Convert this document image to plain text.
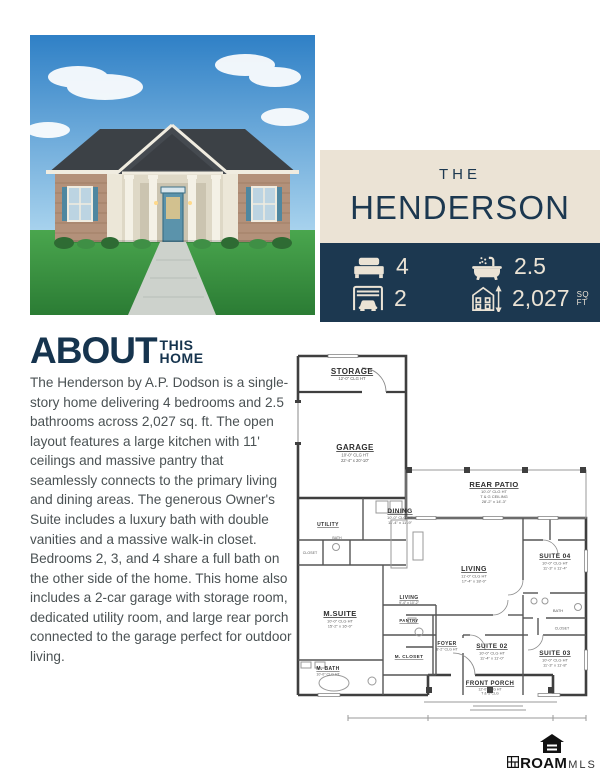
THE
HENDERSON
4	2.5
2	2,027 SQ
FT
ABOUT THIS
HOME
The Henderson by A.P. Dodson is a single-story home delivering 4 bedrooms and 2.5 bathrooms across 2,027 sq. ft. The open layout features a large kitchen with 11' ceilings and massive pantry that seamlessly connects to the primary living and dining areas. The generous Owner's Suite includes a luxury bath with double vanities and a massive walk-in closet. Bedrooms 2, 3, and 4 share a full bath on the other side of the home. This home also includes a 2-car garage with storage room, dedicated utility room, and large rear porch connected to the garage perfect for outdoor living.
STORAGE
12'-0" CLG HT
GARAGE
10'-0" CLG HT
22'-4" x 20'-10"
REAR PATIO
10'-0" CLG HT
T & G CEILING
28'-2" x 14'-3"
DINING
10'-0" CLG HT
11'-4" x 11'-9"
LIVING
11'-0" CLG HT
17'-4" x 18'-0"
LIVING
9'-4" x 10'-2"
UTILITY
CLOSET
BATH
M.SUITE
10'-0" CLG HT
15'-2" x 16'-0"
M. BATH
10'-0" CLG HT
M. CLOSET
PANTRY
FOYER
8'-2" CLG HT	SUITE 02
10'-0" CLG HT
11'-4" x 11'-0"
SUITE 04
10'-0" CLG HT
11'-3" x 11'-4"
SUITE 03
10'-0" CLG HT
11'-3" x 11'-8"
BATH
CLOSET
FRONT PORCH
12'-0" CLG HT
T & G CLG
ROAM MLS
